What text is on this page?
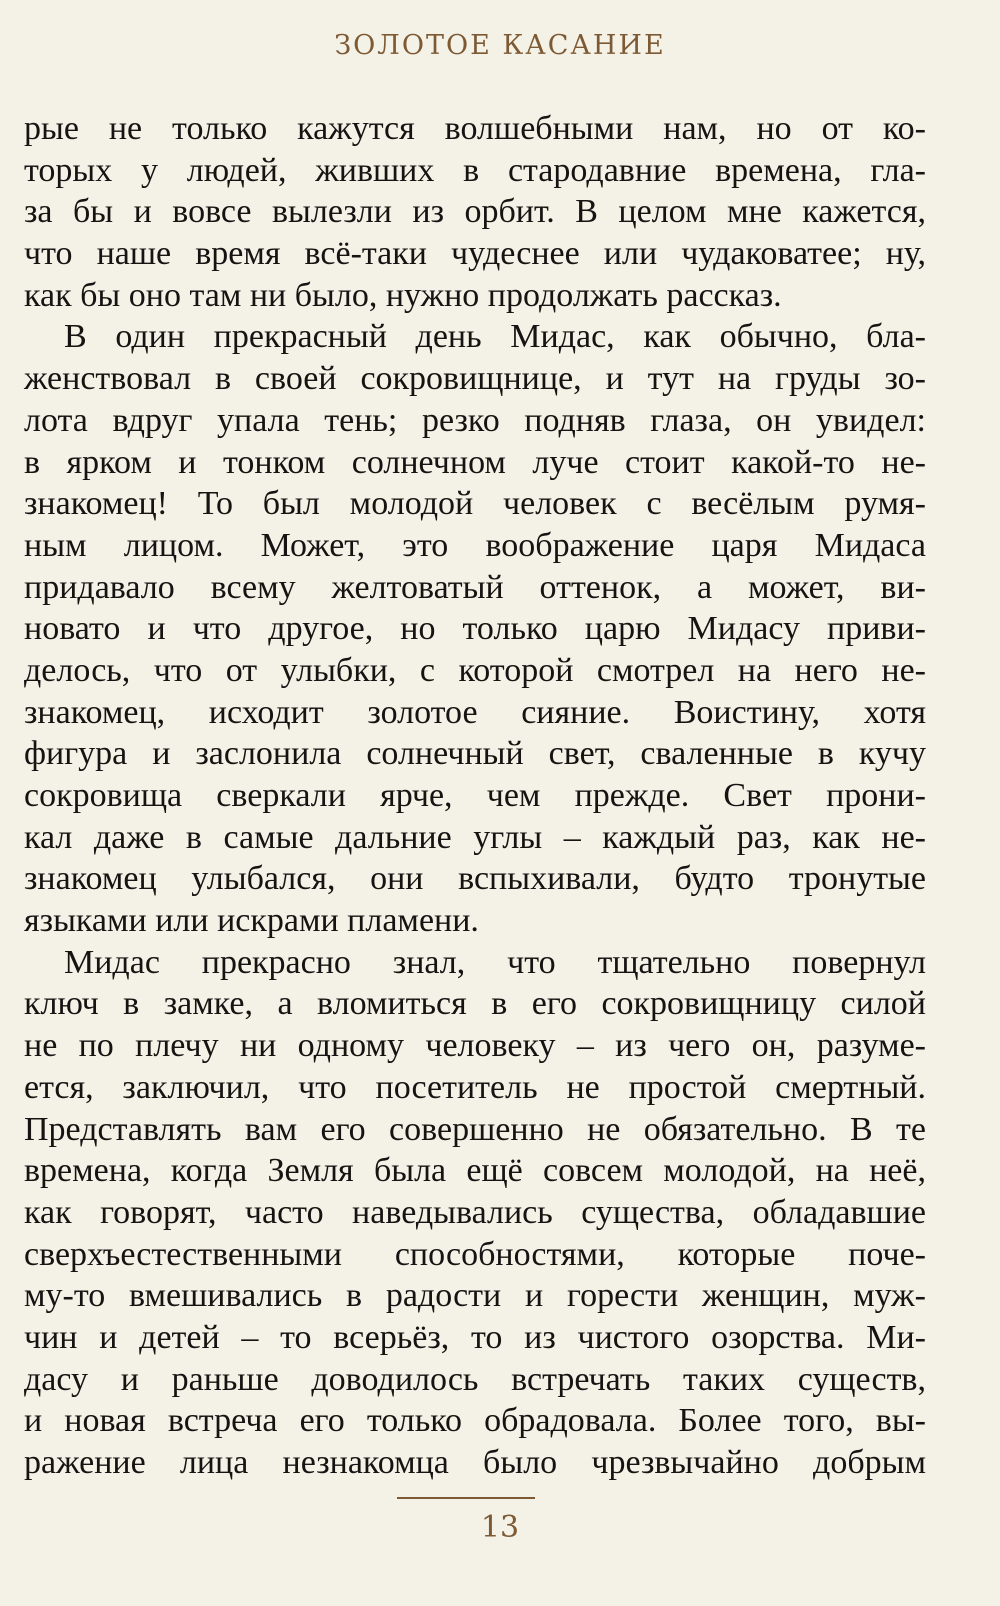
ЗОЛОТОЕ КАСАНИЕ

рые не только кажутся волшебными нам, но от ко-

торых у людей, живших в стародавние времена, гла-

за бы и вовсе вылезли из орбит. В целом мне кажется,

что наше время всё-таки чудеснее или чудаковатее; ну,

как бы оно там ни было, нужно продолжать рассказ.

В один прекрасный день Мидас, как обычно, бла-

женствовал в своей сокровищнице, и тут на груды зо-

лота вдруг упала тень; резко подняв глаза, он увидел:

в ярком и тонком солнечном луче стоит какой-то не-

знакомец! То был молодой человек с весёлым румя-

ным лицом. Может, это воображение царя Мидаса

придавало всему желтоватый оттенок, а может, ви-

новато и что другое, но только царю Мидасу приви-

делось, что от улыбки, с которой смотрел на него не-

знакомец, исходит золотое сияние. Воистину, хотя

фигура и заслонила солнечный свет, сваленные в кучу

сокровища сверкали ярче, чем прежде. Свет прони-

кал даже в самые дальние углы – каждый раз, как не-

знакомец улыбался, они вспыхивали, будто тронутые

языками или искрами пламени.

Мидас прекрасно знал, что тщательно повернул

ключ в замке, а вломиться в его сокровищницу силой

не по плечу ни одному человеку – из чего он, разуме-

ется, заключил, что посетитель не простой смертный.

Представлять вам его совершенно не обязательно. В те

времена, когда Земля была ещё совсем молодой, на неё,

как говорят, часто наведывались существа, обладавшие

сверхъестественными способностями, которые поче-

му-то вмешивались в радости и горести женщин, муж-

чин и детей – то всерьёз, то из чистого озорства. Ми-

дасу и раньше доводилось встречать таких существ,

и новая встреча его только обрадовала. Более того, вы-

ражение лица незнакомца было чрезвычайно добрым

13
